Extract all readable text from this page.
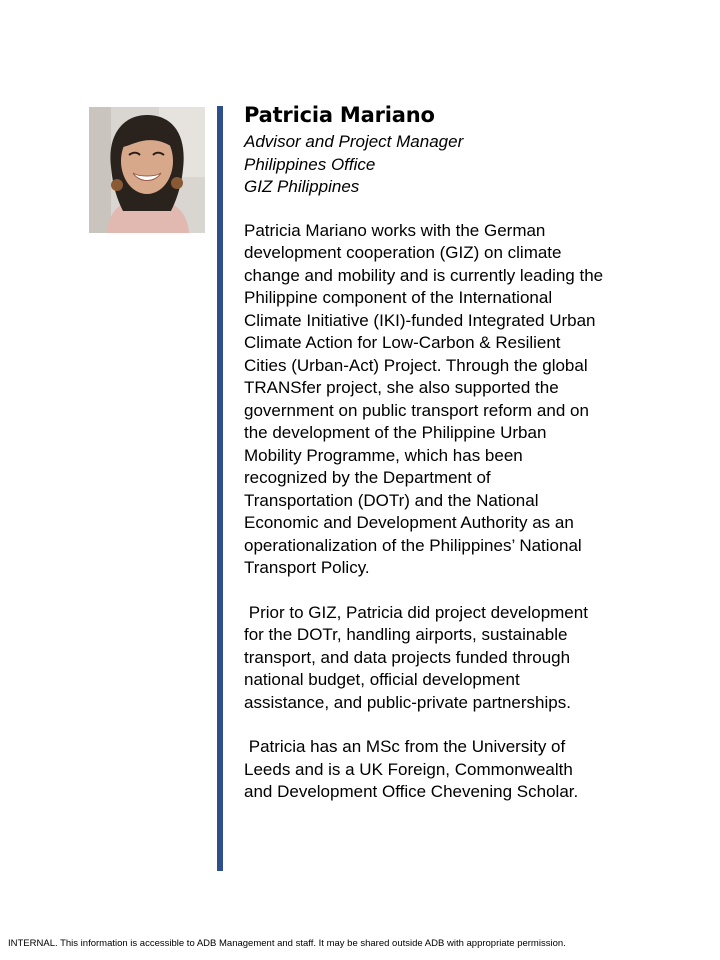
Patricia Mariano

Advisor and Project Manager

Philippines Office

GIZ Philippines

Patricia Mariano works with the German development cooperation (GIZ) on climate change and mobility and is currently leading the Philippine component of the International Climate Initiative (IKI)-funded Integrated Urban Climate Action for Low-Carbon & Resilient Cities (Urban-Act) Project. Through the global TRANSfer project, she also supported the government on public transport reform and on the development of the Philippine Urban Mobility Programme, which has been recognized by the Department of Transportation (DOTr) and the National Economic and Development Authority as an operationalization of the Philippines’ National Transport Policy.

Prior to GIZ, Patricia did project development for the DOTr, handling airports, sustainable transport, and data projects funded through national budget, official development assistance, and public-private partnerships.

Patricia has an MSc from the University of Leeds and is a UK Foreign, Commonwealth and Development Office Chevening Scholar.

INTERNAL. This information is accessible to ADB Management and staff. It may be shared outside ADB with appropriate permission.
